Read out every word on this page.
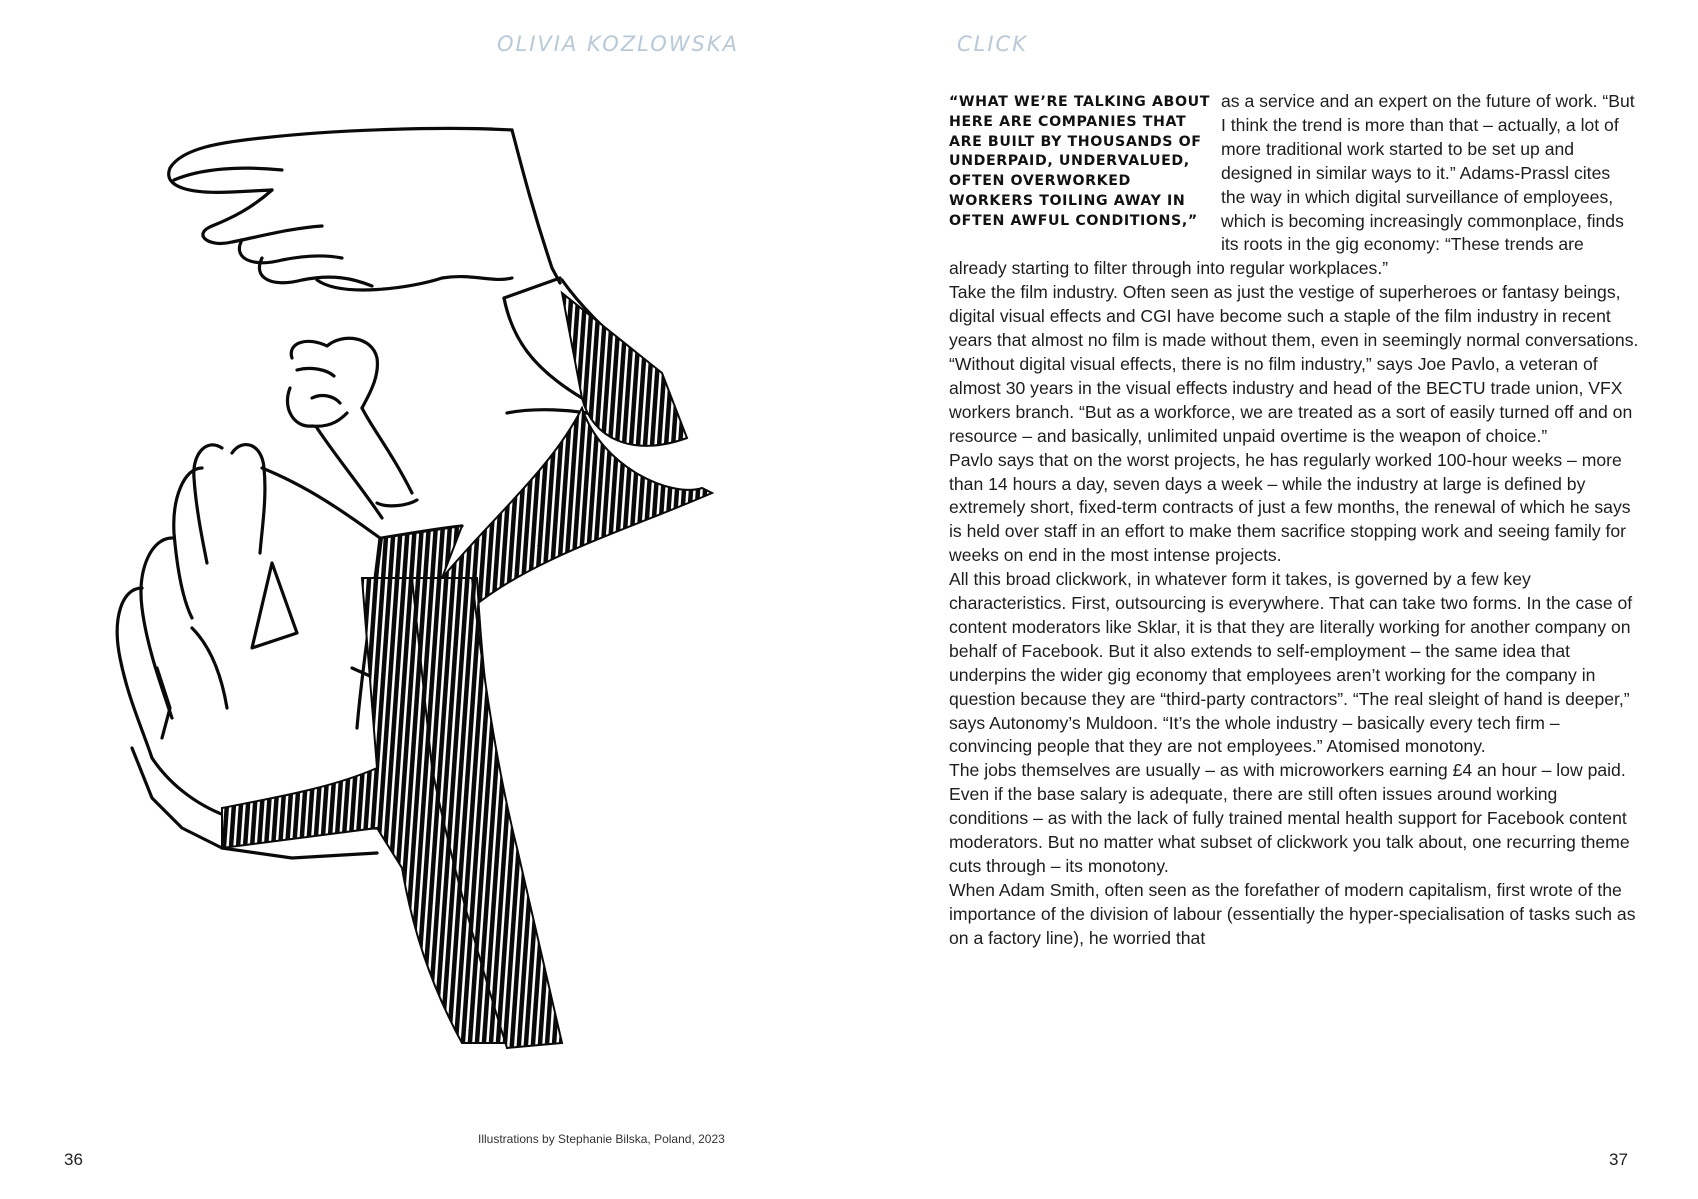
OLIVIA KOZLOWSKA
Illustrations by Stephanie Bilska, Poland, 2023
36
CLICK
“WHAT WE’RE TALKING ABOUT HERE ARE COMPANIES THAT ARE BUILT BY THOUSANDS OF UNDERPAID, UNDERVALUED, OFTEN OVERWORKED WORKERS TOILING AWAY IN OFTEN AWFUL CONDITIONS,”

as a service and an expert on the future of work. “But I think the trend is more than that – actually, a lot of more traditional work started to be set up and designed in similar ways to it.” Adams-Prassl cites the way in which digital surveillance of employees, which is becoming increasingly commonplace, finds its roots in the gig economy: “These trends are already starting to filter through into regular workplaces.”

Take the film industry. Often seen as just the vestige of superheroes or fantasy beings, digital visual effects and CGI have become such a staple of the film industry in recent years that almost no film is made without them, even in seemingly normal conversations. “Without digital visual effects, there is no film industry,” says Joe Pavlo, a veteran of almost 30 years in the visual effects industry and head of the BECTU trade union, VFX workers branch. “But as a workforce, we are treated as a sort of easily turned off and on resource – and basically, unlimited unpaid overtime is the weapon of choice.”

Pavlo says that on the worst projects, he has regularly worked 100-hour weeks – more than 14 hours a day, seven days a week – while the industry at large is defined by extremely short, fixed-term contracts of just a few months, the renewal of which he says is held over staff in an effort to make them sacrifice stopping work and seeing family for weeks on end in the most intense projects.

All this broad clickwork, in whatever form it takes, is governed by a few key characteristics. First, outsourcing is everywhere. That can take two forms. In the case of content moderators like Sklar, it is that they are literally working for another company on behalf of Facebook. But it also extends to self-employment – the same idea that underpins the wider gig economy that employees aren’t working for the company in question because they are “third-party contractors”. “The real sleight of hand is deeper,” says Autonomy’s Muldoon. “It’s the whole industry – basically every tech firm – convincing people that they are not employees.” Atomised monotony.

The jobs themselves are usually – as with microworkers earning £4 an hour – low paid. Even if the base salary is adequate, there are still often issues around working conditions – as with the lack of fully trained mental health support for Facebook content moderators. But no matter what subset of clickwork you talk about, one recurring theme cuts through – its monotony.

When Adam Smith, often seen as the forefather of modern capitalism, first wrote of the importance of the division of labour (essentially the hyper-specialisation of tasks such as on a factory line), he worried that

37
